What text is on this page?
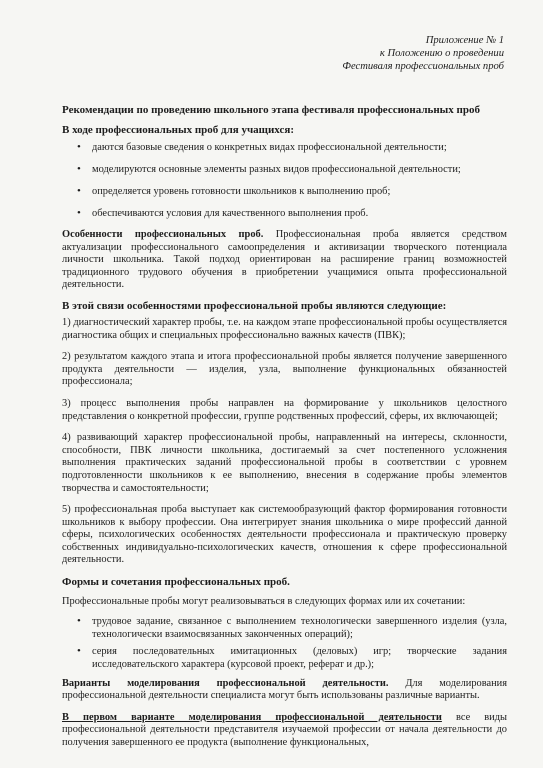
Приложение № 1
к Положению о проведении
Фестиваля профессиональных проб
Рекомендации по проведению школьного этапа фестиваля профессиональных проб
В ходе профессиональных проб для учащихся:
• даются базовые сведения о конкретных видах профессиональной деятельности;
• моделируются основные элементы разных видов профессиональной деятельности;
• определяется уровень готовности школьников к выполнению проб;
• обеспечиваются условия для качественного выполнения проб.

Особенности профессиональных проб. Профессиональная проба является средством актуализации профессионального самоопределения и активизации творческого потенциала личности школьника. Такой подход ориентирован на расширение границ возможностей традиционного трудового обучения в приобретении учащимися опыта профессиональной деятельности.

В этой связи особенностями профессиональной пробы являются следующие:

1) диагностический характер пробы, т.е. на каждом этапе профессиональной пробы осуществляется диагностика общих и специальных профессионально важных качеств (ПВК);

2) результатом каждого этапа и итога профессиональной пробы является получение завершенного продукта деятельности — изделия, узла, выполнение функциональных обязанностей профессионала;

3) процесс выполнения пробы направлен на формирование у школьников целостного представления о конкретной профессии, группе родственных профессий, сферы, их включающей;

4) развивающий характер профессиональной пробы, направленный на интересы, склонности, способности, ПВК личности школьника, достигаемый за счет постепенного усложнения выполнения практических заданий профессиональной пробы в соответствии с уровнем подготовленности школьников к ее выполнению, внесения в содержание пробы элементов творчества и самостоятельности;

5) профессиональная проба выступает как системообразующий фактор формирования готовности школьников к выбору профессии. Она интегрирует знания школьника о мире профессий данной сферы, психологических особенностях деятельности профессионала и практическую проверку собственных индивидуально-психологических качеств, отношения к сфере профессиональной деятельности.

Формы и сочетания профессиональных проб.

Профессиональные пробы могут реализовываться в следующих формах или их сочетании:

• трудовое задание, связанное с выполнением технологически завершенного изделия (узла, технологически взаимосвязанных законченных операций);
• серия последовательных имитационных (деловых) игр; творческие задания исследовательского характера (курсовой проект, реферат и др.);

Варианты моделирования профессиональной деятельности. Для моделирования профессиональной деятельности специалиста могут быть использованы различные варианты.

В первом варианте моделирования профессиональной деятельности все виды профессиональной деятельности представителя изучаемой профессии от начала деятельности до получения завершенного ее продукта (выполнение функциональных,
